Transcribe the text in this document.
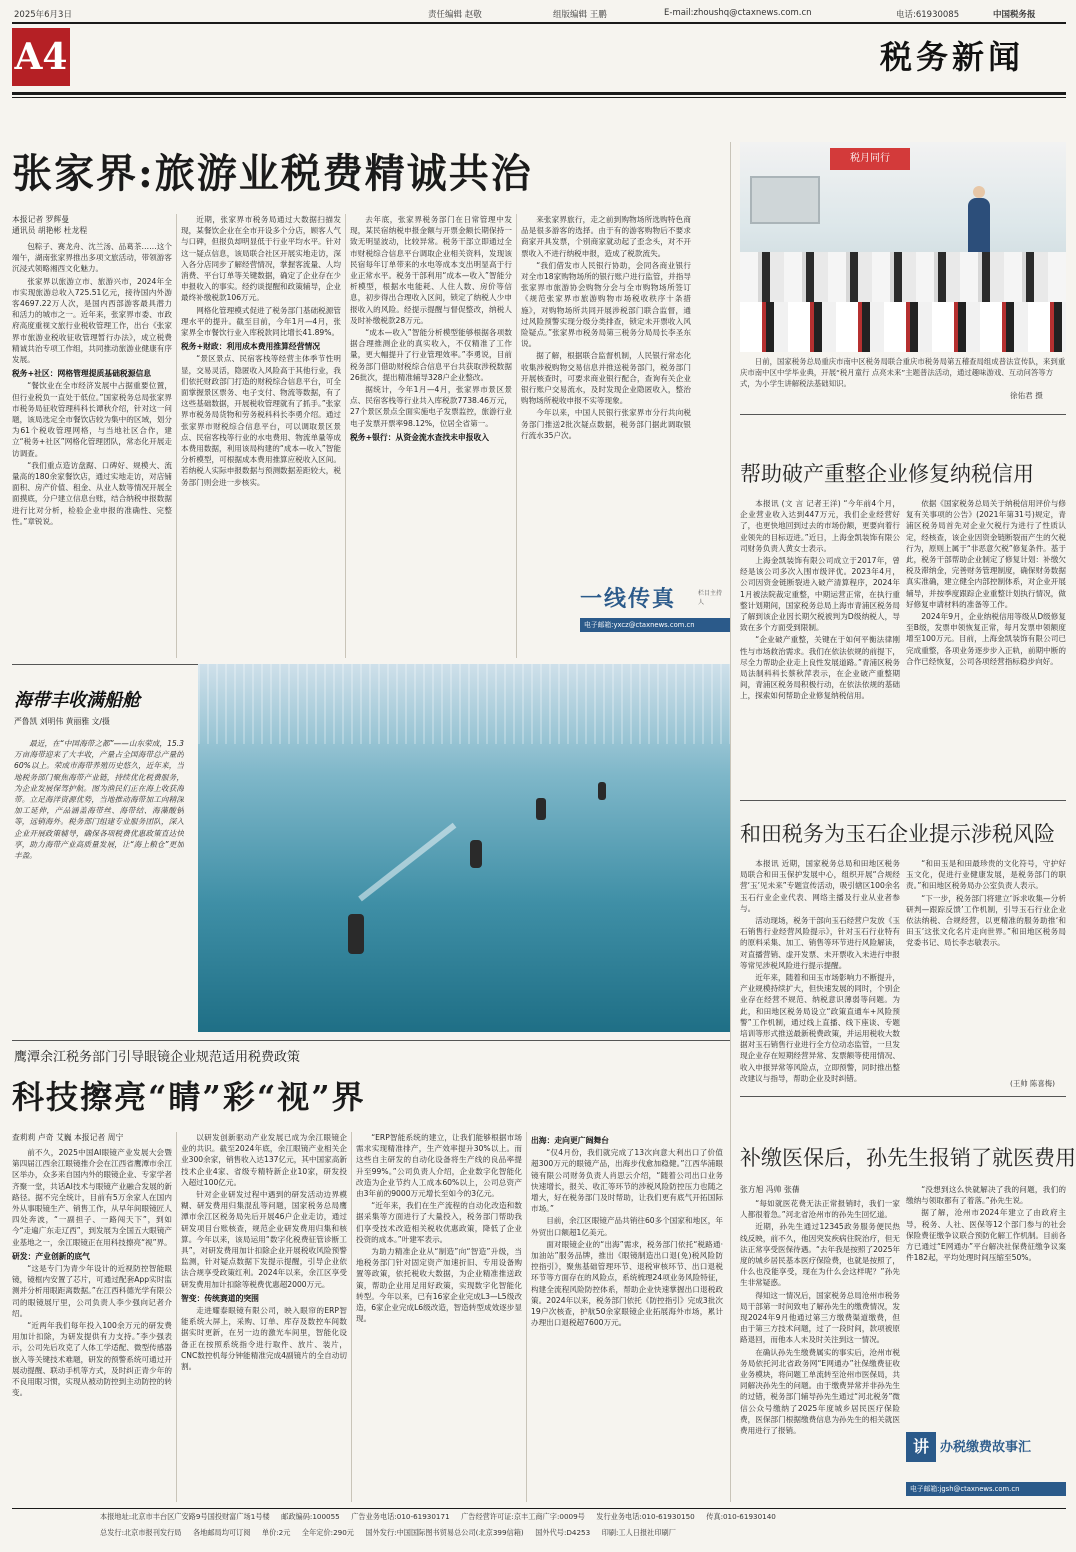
2025年6月3日	责任编辑 赵敬	组版编辑 王鹏	E-mail:zhoushq@ctaxnews.com.cn	电话:61930085	中国税务报
A4	税务新闻
张家界:旅游业税费精诚共治
本报记者 罗辉曼
通讯员 胡艳彬 杜龙程

包粽子、赛龙舟、沈兰汤、品葛茶……这个端午，湖南张家界推出多项文旅活动，带领游客沉浸式领略湘西文化魅力。

张家界以旅游立市、旅游兴市，2024年全市实现旅游总收入725.51亿元，接待国内外游客4697.22万人次，是国内西部游客最具潜力和活力的城市之一。近年来，张家界市委、市政府高度重视文旅行业税收管理工作，出台《张家界市旅游业税收征收管理暂行办法》，成立税费精诚共治专项工作组，共同推动旅游业健康有序发展。

税务+社区：网格管理提质基础税源信息

“餐饮业在全市经济发展中占据重要位置，但行业税负一直处于低位。”国家税务总局张家界市税务局征收管理科科长谭秋介绍，针对这一问题，该局选定全市餐饮店较为集中的区域，划分为61个税收管理网格，与当地社区合作，建立“税务+社区”网格化管理团队，常态化开展走访调查。

“我们重点造访盘踞、口碑好、规模大、流量高的180余家餐饮店，通过实地走访，对店铺面积、房产价值、租金、从业人数等情况开展全面摸底，分户建立信息台账，结合纳税申报数据进行比对分析，检验企业申报的准确性、完整性。”章锐说。

近期，张家界市税务局通过大数据扫描发现，某餐饮企业在全市开设多个分店，顾客人气与口碑，但报负却明显低于行业平均水平。针对这一疑点信息，该局联合社区开展实地走访，深入各分店同步了解经营情况，掌握客流量、人均消费、平台订单等关键数据，确定了企业存在少申报收入的事实。经约谈提醒和政策辅导，企业最终补缴税款106万元。

网格化管理模式促进了税务部门基础税源管理水平的提升。截至目前，今年1月—4月，张家界全市餐饮行业入库税款同比增长41.89%。

税务+财政：利用成本费用推算经营情况

“景区景点、民宿客栈等经营主体季节性明显，交易灵活，隐匿收入风险高于其他行业，我们依托财政部门打造的财税综合信息平台，可全面掌握景区票务、电子支付、物流等数据，有了这些基础数据，开展税收管理就有了抓手。”张家界市税务局货物和劳务税科科长李勇介绍。通过张家界市财税综合信息平台，可以调取景区景点、民宿客栈等行业的水电费用、物流单量等成本费用数据，利用该局构建的“成本—收入”智能分析模型，可根据成本费用推算应税收入区间。若纳税人实际申报数据与预测数据差距较大，税务部门则会进一步核实。

去年底，张家界税务部门在日常管理中发现，某民宿纳税申报金额与开票金额长期保持一致无明显波动，比较异常。税务干部立即通过全市财税综合信息平台调取企业相关资料，发现该民宿每年订单带来的水电等成本支出明显高于行业正常水平。税务干部利用“成本—收入”智能分析模型，根据水电能耗、人住人数、房价等信息，初步得出合理收入区间，锁定了纳税人少申报收入的风险。经提示提醒与督促整改，纳税人及时补缴税款28万元。

“成本—收入”智能分析模型能够根据各项数据合理推测企业的真实收入，不仅精准了工作量，更大幅提升了行业管理效率。”李勇说，目前税务部门借助财税综合信息平台共获取涉税数据26批次，提出精准辅导328户企业整改。

据统计，今年1月—4月，张家界市景区景点、民宿客栈等行业共入库税款7738.46万元，27个景区景点全面实施电子发票监控，旅游行业电子发票开票率98.12%，位居全省第一。

税务+银行：从资金流水查找未申报收入

来张家界旅行，走之前到购物场所选购特色商品是很多游客的选择。由于有的游客购物后不要求商家开具发票，个别商家就动起了歪念头，对不开票收入不进行纳税申报，造成了税款流失。

“我们借发市人民银行协助，会同各商业银行对全市18家购物场所的银行账户进行监管，并指导张家界市旅游协会购物分会与全市购物场所签订《规范张家界市旅游购物市场税收秩序十条措施》，对购物场所共同开展涉税部门联合监督，通过风险预警实现分级分类排查，锁定未开票收入风险疑点。”张家界市税务局第三税务分局局长李圣东说。

据了解，根据联合监督机制，人民银行常态化收集涉税购物交易信息并推送税务部门，税务部门开展核查时，可要求商业银行配合，查询有关企业银行账户交易流水，及时发现企业隐匿收入，整治购物场所税收申报不实等现象。

今年以来，中国人民银行张家界市分行共向税务部门推送2批次疑点数据，税务部门据此调取银行流水35户次。

一线传真	栏目主持人
电子邮箱:yxcz@ctaxnews.com.cn
税月同行
日前，国家税务总局重庆市南中区税务局联合重庆市税务局第五稽查局组成普法宣传队，来到重庆市南中区中学毕业典，开展“税月童行 点亮未来”主题普法活动，通过趣味游戏、互动问答等方式，为小学生讲解税法基础知识。
徐佑君 摄
帮助破产重整企业修复纳税信用

本报讯 (文 言 记者王洋) “今年前4个月，企业营业收入达到447万元，我们企业经营好了，也更快地回到过去的市场份额，更要向着行业领先的目标迈进。”近日，上海金凯装饰有限公司财务负责人黄女士表示。

上海金凯装饰有限公司成立于2017年，曾经是该公司多次入围市级评优。2023年4月，公司因资金链断裂进入破产清算程序，2024年1月被法院裁定重整，中期运营正常，在执行重整计划期间，国家税务总局上海市青浦区税务局了解到该企业因长期欠税被判为D级纳税人，导致在多个方面受到限制。

“企业破产重整，关键在于如何平衡法律刚性与市场救治需求。我们在依法依规的前提下，尽全力帮助企业走上良性发展道路。”青浦区税务局法制科科长蔡秋萍表示，在企业破产重整期间，青浦区税务局积极行动，在依法依规的基础上，探索如何帮助企业修复纳税信用。

依据《国家税务总局关于纳税信用评价与修复有关事项的公告》(2021年第31号)规定，青浦区税务局首先对企业欠税行为进行了性质认定，经核查，该企业因资金链断裂而产生的欠税行为，原则上属于“非恶意欠税”修复条件。基于此，税务干部帮助企业制定了修复计划：补缴欠税及滞纳金，完善财务管理制度，确保财务数据真实准确，建立健全内部控制体系，对企业开展辅导，并按季度跟踪企业重整计划执行情况，做好修复申请材料的准备等工作。

2024年9月，企业纳税信用等级从D级修复至B级，发票申领恢复正常，每月发票申领额度增至100万元。目前，上海金凯装饰有限公司已完成重整，各项业务逐步步入正轨，前期中断的合作已经恢复，公司各项经营指标稳步向好。

和田税务为玉石企业提示涉税风险

本报讯 近期，国家税务总局和田地区税务局联合和田玉保护发展中心，组织开展“合规经营‘玉’见未来”专题宣传活动，吸引辖区100余名玉石行业企业代表、网络主播及行业从业者参与。

活动现场，税务干部向玉石经营户发放《玉石销售行业经营风险提示》，针对玉石行业特有的原料采集、加工、销售等环节进行风险解读，对直播营销、虚开发票、未开票收入未进行申报等常见涉税风险进行提示提醒。

近年来，随着和田玉市场影响力不断提升，产业规模持续扩大，但快速发展的同时，个别企业存在经营不规范、纳税意识薄弱等问题。为此，和田地区税务局设立“政策直通车+风险预警”工作机制，通过线上直播、线下座谈、专题培训等形式推送最新税费政策，并运用税收大数据对玉石销售行业进行全方位动态监管，一旦发现企业存在短期经营异常、发票额等使用情况、收入申报异常等风险点，立即预警，同时推出整改建议与指导，帮助企业及时纠错。

“和田玉是和田最珍贵的文化符号，守护好玉文化，促进行业健康发展，是税务部门的职责。”和田地区税务局办公室负责人表示。

“下一步，税务部门将建立‘诉求收集—分析研判—跟踪反馈’工作机制，引导玉石行业企业依法纳税、合规经营，以更精准的服务助推‘和田玉’这张文化名片走向世界。”和田地区税务局党委书记、局长李志敏表示。

(王帅 陈喜梅)
补缴医保后，孙先生报销了就医费用
张方旭 冯帅 张蒨

“每如就医花费无法正常报销时，我们一家人都很着急。”河北省沧州市的孙先生回忆道。

近期，孙先生通过12345政务服务便民热线反映，前不久，他因突发疾病住院治疗，但无法正常享受医保待遇。“去年我是按照了2025年度的城乡居民基本医疗保险费，也就是按照了，什么也没能享受，现在为什么会这样呢？”孙先生非常疑惑。

得知这一情况后，国家税务总局沧州市税务局干部第一时间致电了解孙先生的缴费情况，发现2024年9月他通过第三方缴费渠道缴费，但由于第三方技术问题，过了一段时间，款项被原路退回，而他本人未及时关注到这一情况。

在确认孙先生缴费属实的事实后，沧州市税务局依托河北省政务网“E网通办”社保缴费征收业务模块，将问题工单流转至沧州市医保局，共同解决孙先生的问题。由于缴费异常并非孙先生的过错，税务部门辅导孙先生通过“河北税务”微信公众号缴纳了2025年度城乡居民医疗保险费，医保部门根据缴费信息为孙先生的相关就医费用进行了报销。

“没想到这么快就解决了我的问题，我们的缴纳与领取都有了着落。”孙先生说。

据了解，沧州市2024年建立了由政府主导，税务、人社、医保等12个部门参与的社会保险费征缴争议联合预防化解工作机制。目前各方已通过“E网通办”平台解决社保费征缴争议案件182起，平均处理时间压缩至50%。

讲 办税缴费故事汇
电子邮箱:jgsh@ctaxnews.com.cn
海带丰收满船舱
严鲁凯 刘明伟 黄丽雅 文/摄

最近，在“中国海带之都”——山东荣成，15.3万亩海带迎来了大丰收，产量占全国海带总产量的60%以上。荣成市海带养殖历史悠久，近年来，当地税务部门聚焦海带产业链，持续优化税费服务，为企业发展保驾护航。图为渔民们正在海上收获海带。立足海洋资源优势，当地推动海带加工向精深加工延伸，产品涵盖海带丝、海带结、海藻酸钠等，远销海外。税务部门组建专业服务团队，深入企业开展政策辅导，确保各项税费优惠政策直达快享，助力海带产业高质量发展，让“海上粮仓”更加丰盈。

鹰潭余江税务部门引导眼镜企业规范适用税费政策
科技擦亮“睛”彩“视”界
查莉莉 卢奇 艾巍 本报记者 周宁

前不久，2025中国AI眼镜产业发展大会暨第四届江西余江眼镜推介会在江西省鹰潭市余江区举办，众多来自国内外的眼镜企业、专家学者齐聚一堂，共话AI技术与眼镜产业融合发展的新路径。据不完全统计，目前有5万余家人在国内外从事眼镜生产、销售工作，从早年间眼镜匠人四处奔波，“一副担子、一路闯天下”，到如今“走遍广东走辽西”，到发展为全国五大眼镜产业基地之一，余江眼镜正在用科技擦亮“视”界。

研发：产业创新的底气

“这是专门为青少年设计的近视防控智能眼镜，镜框内安置了芯片，可通过配套App实时监测并分析用眼距离数据。”在江西科德光学有限公司的眼镜展厅里，公司负责人李少强向记者介绍。

“近两年我们每年投入100余万元的研发费用加计扣除，为研发提供有力支持。”李少强表示，公司先后攻克了人体工学适配、微型传感器嵌入等关键技术难题，研发的预警系统可通过开展动提醒、联动手机等方式，及时纠正青少年的不良用眼习惯，实现从被动防控到主动防控的转变。

以研发创新驱动产业发展已成为余江眼镜企业的共识。截至2024年底，余江眼镜产业相关企业300余家，销售收入达137亿元，其中国家高新技术企业4家、省级专精特新企业10家，研发投入超过100亿元。

针对企业研发过程中遇到的研发活动边界模糊、研发费用归集混乱等问题，国家税务总局鹰潭市余江区税务局先后开展46户企业走访，通过研发项目台账核查，规范企业研发费用归集和核算。今年以来，该局运用“数字化税费征管诊断工具”，对研发费用加计扣除企业开展税收风险预警监测，针对疑点数据下发提示提醒，引导企业依法合规享受政策红利。2024年以来，余江区享受研发费用加计扣除等税费优惠超2000万元。

智变：传统赛道的突围

走进耀泰眼镜有限公司，映入眼帘的ERP智能系统大屏上，采购、订单、库存及数控车间数据实时更新，在另一边的激光车间里，智能化设备正在按照系统指令进行取件、放片、装片，CNC数控机每分钟能精准完成4副镜片的全自动切割。

“ERP智能系统的建立，让我们能够根据市场需求实现精准排产，生产效率提升30%以上。而这些自主研发的自动化设备将生产线的良品率提升至99%。”公司负责人介绍，企业数字化智能化改造为企业节约人工成本60%以上，公司总资产由3年前的9000万元增长至如今的3亿元。

“近年来，我们在生产流程的自动化改造和数据采集等方面进行了大量投入，税务部门帮助我们享受技术改造相关税收优惠政策，降低了企业投资的成本。”叶建军表示。

为助力精准企业从“制造”向“智造”升级，当地税务部门针对固定资产加速折旧、专用设备购置等政策，依托税收大数据，为企业精准推送政策，帮助企业用足用好政策，实现数字化智能化转型。今年以来，已有16家企业完成L3—L5级改造，6家企业完成L6级改造，智造转型成效逐步显现。

出海：走向更广阔舞台

“仅4月份，我们就完成了13次向意大利出口了价值超300万元的眼镜产品，出海步伐愈加稳健。”江西华浦眼镜有限公司财务负责人肖思云介绍，“随着公司出口业务快速增长，报关、收汇等环节的涉税风险防控压力也随之增大，好在税务部门及时帮助，让我们更有底气开拓国际市场。”

目前，余江区眼镜产品共销往60多个国家和地区，年外贸出口额超1亿美元。

面对眼镜企业的“出海”需求，税务部门依托“税路通·加油站”服务品牌，推出《眼镜制造出口退(免)税风险防控指引》，聚焦基础管理环节、退税审核环节、出口退税环节等方面存在的风险点，系统梳理24项业务风险特征，构建全流程风险防控体系，帮助企业快速掌握出口退税政策。2024年以来，税务部门依托《防控指引》完成3批次19户次核查，护航50余家眼镜企业拓展海外市场，累计办理出口退税超7600万元。

本报地址:北京市丰台区广安路9号国投财富广场1号楼 邮政编码:100055 广告业务电话:010-61930171 广告经营许可证:京丰工商广字:0009号 发行业务电话:010-61930150 传真:010-61930140
总发行:北京市报刊发行局 各地邮局均可订阅 单价:2元 全年定价:290元 国外发行:中国国际图书贸易总公司(北京399信箱) 国外代号:D4253 印刷:工人日报社印刷厂
